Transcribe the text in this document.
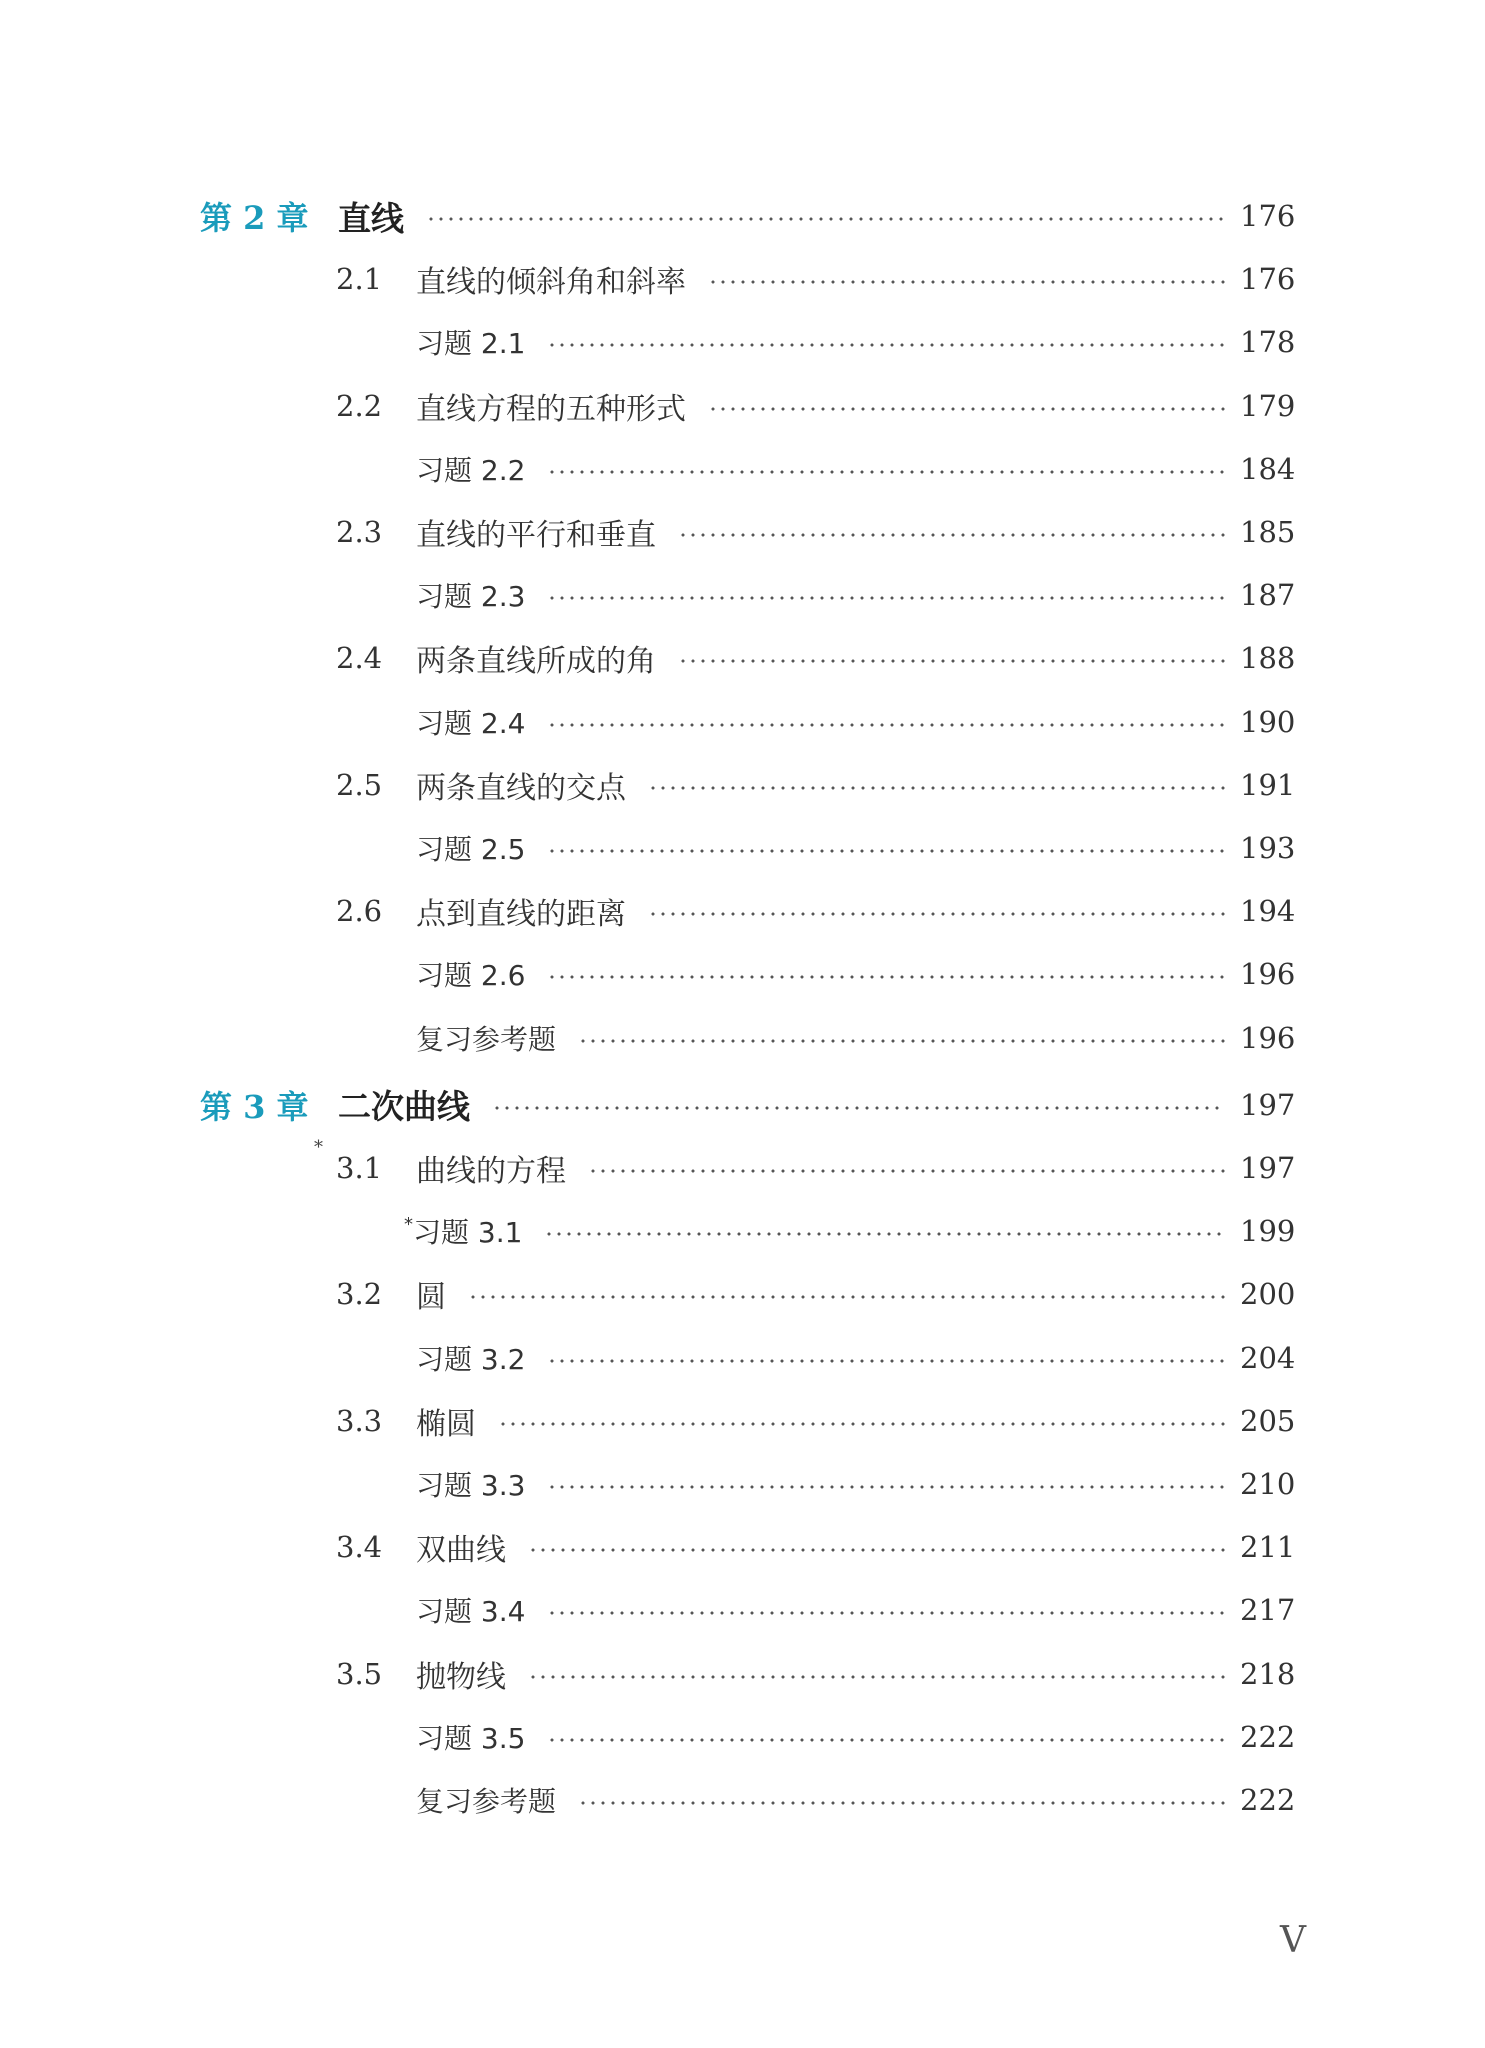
第 2 章 直线	176
2.1 直线的倾斜角和斜率	176
习题 2.1	178
2.2 直线方程的五种形式	179
习题 2.2	184
2.3 直线的平行和垂直	185
习题 2.3	187
2.4 两条直线所成的角	188
习题 2.4	190
2.5 两条直线的交点	191
习题 2.5	193
2.6 点到直线的距离	194
习题 2.6	196
复习参考题	196
第 3 章 二次曲线	197
*
3.1 曲线的方程	197
*习题 3.1	199
3.2 圆	200
习题 3.2	204
3.3 椭圆	205
习题 3.3	210
3.4 双曲线	211
习题 3.4	217
3.5 抛物线	218
习题 3.5	222
复习参考题	222
V
